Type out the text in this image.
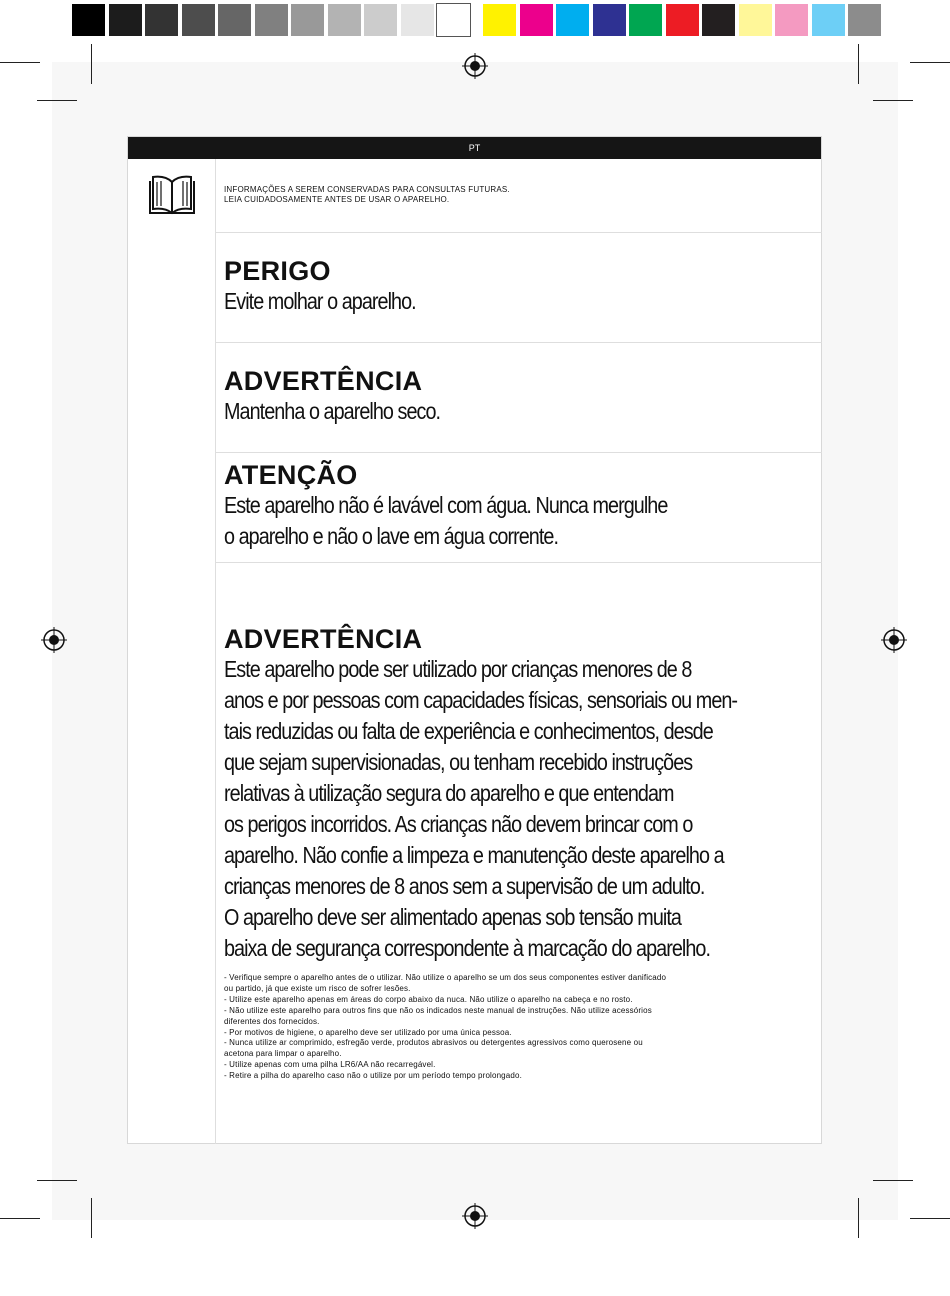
PT
INFORMAÇÕES A SEREM CONSERVADAS PARA CONSULTAS FUTURAS.
LEIA CUIDADOSAMENTE ANTES DE USAR O APARELHO.
PERIGO
Evite molhar o aparelho.
ADVERTÊNCIA
Mantenha o aparelho seco.
ATENÇÃO
Este aparelho não é lavável com água. Nunca mergulhe
o aparelho e não o lave em água corrente.
ADVERTÊNCIA
Este aparelho pode ser utilizado por crianças menores de 8
anos e por pessoas com capacidades físicas, sensoriais ou men-
tais reduzidas ou falta de experiência e conhecimentos, desde
que sejam supervisionadas, ou tenham recebido instruções
relativas à utilização segura do aparelho e que entendam
os perigos incorridos. As crianças não devem brincar com o
aparelho. Não confie a limpeza e manutenção deste aparelho a
crianças menores de 8 anos sem a supervisão de um adulto.
O aparelho deve ser alimentado apenas sob tensão muita
baixa de segurança correspondente à marcação do aparelho.
- Verifique sempre o aparelho antes de o utilizar. Não utilize o aparelho se um dos seus componentes estiver danificado
ou partido, já que existe um risco de sofrer lesões.
- Utilize este aparelho apenas em áreas do corpo abaixo da nuca. Não utilize o aparelho na cabeça e no rosto.
- Não utilize este aparelho para outros fins que não os indicados neste manual de instruções. Não utilize acessórios
diferentes dos fornecidos.
- Por motivos de higiene, o aparelho deve ser utilizado por uma única pessoa.
- Nunca utilize ar comprimido, esfregão verde, produtos abrasivos ou detergentes agressivos como querosene ou
acetona para limpar o aparelho.
- Utilize apenas com uma pilha LR6/AA não recarregável.
- Retire a pilha do aparelho caso não o utilize por um período tempo prolongado.
